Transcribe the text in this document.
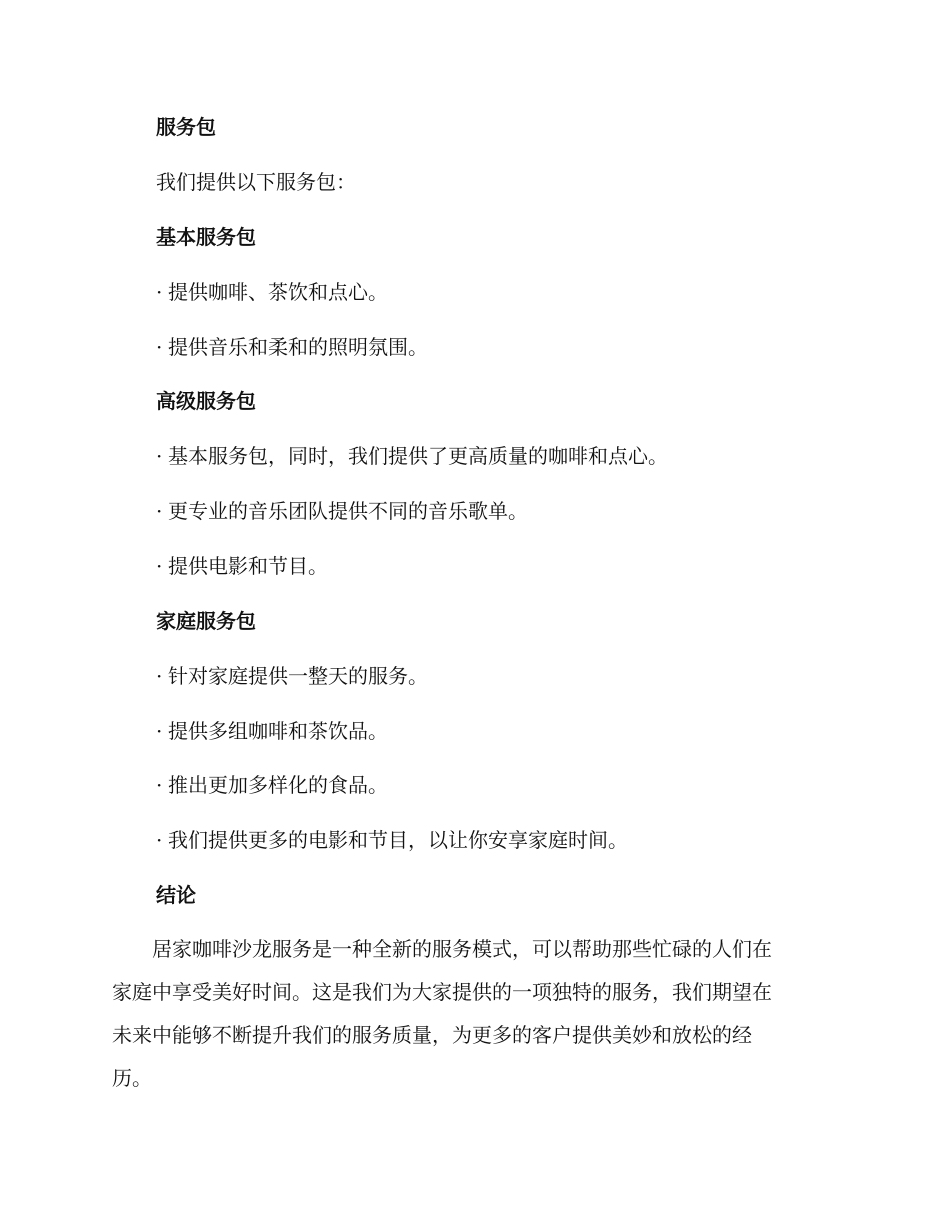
服务包
我们提供以下服务包：
基本服务包
· 提供咖啡、茶饮和点心。
· 提供音乐和柔和的照明氛围。
高级服务包
· 基本服务包，同时，我们提供了更高质量的咖啡和点心。
· 更专业的音乐团队提供不同的音乐歌单。
· 提供电影和节目。
家庭服务包
· 针对家庭提供一整天的服务。
· 提供多组咖啡和茶饮品。
· 推出更加多样化的食品。
· 我们提供更多的电影和节目，以让你安享家庭时间。
结论
　　居家咖啡沙龙服务是一种全新的服务模式，可以帮助那些忙碌的人们在
家庭中享受美好时间。这是我们为大家提供的一项独特的服务，我们期望在
未来中能够不断提升我们的服务质量，为更多的客户提供美妙和放松的经
历。
